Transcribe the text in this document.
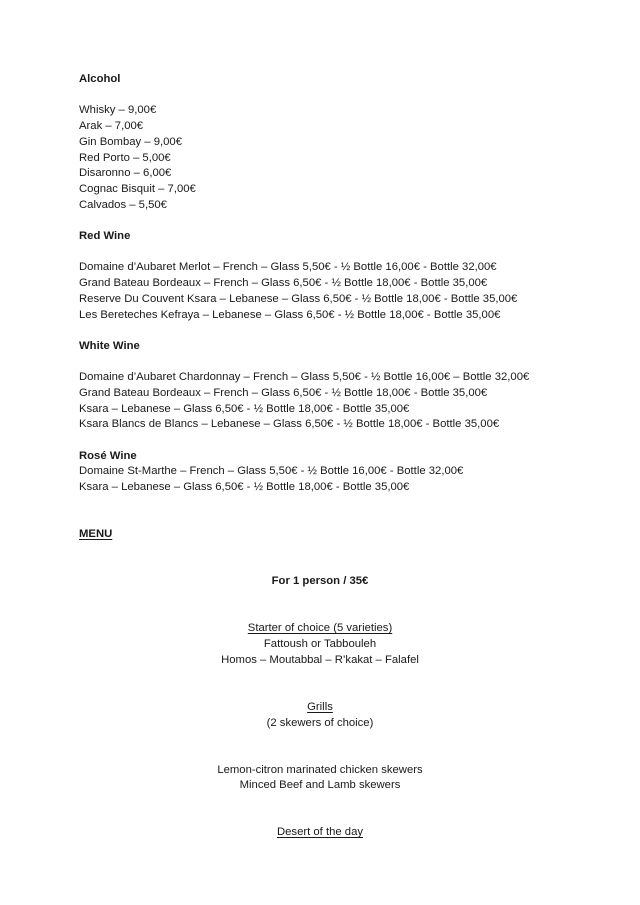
Alcohol

Whisky – 9,00€
Arak – 7,00€
Gin Bombay – 9,00€
Red Porto – 5,00€
Disaronno – 6,00€
Cognac Bisquit – 7,00€
Calvados – 5,50€

Red Wine

Domaine d’Aubaret Merlot – French – Glass 5,50€ - ½ Bottle 16,00€ - Bottle 32,00€
Grand Bateau Bordeaux – French – Glass 6,50€ - ½ Bottle 18,00€ - Bottle 35,00€
Reserve Du Couvent Ksara – Lebanese – Glass 6,50€ - ½ Bottle 18,00€ - Bottle 35,00€
Les Bereteches Kefraya – Lebanese – Glass 6,50€ - ½ Bottle 18,00€ - Bottle 35,00€

White Wine

Domaine d’Aubaret Chardonnay – French – Glass 5,50€ - ½ Bottle 16,00€ – Bottle 32,00€
Grand Bateau Bordeaux – French – Glass 6,50€ - ½ Bottle 18,00€ - Bottle 35,00€
Ksara – Lebanese – Glass 6,50€ - ½ Bottle 18,00€ - Bottle 35,00€
Ksara Blancs de Blancs – Lebanese – Glass 6,50€ - ½ Bottle 18,00€ - Bottle 35,00€

Rosé Wine
Domaine St-Marthe – French – Glass 5,50€ - ½ Bottle 16,00€ - Bottle 32,00€
Ksara – Lebanese – Glass 6,50€ - ½ Bottle 18,00€ - Bottle 35,00€

MENU

For 1 person / 35€

Starter of choice (5 varieties)
Fattoush or Tabbouleh
Homos – Moutabbal – R’kakat – Falafel

Grills
(2 skewers of choice)

Lemon-citron marinated chicken skewers
Minced Beef and Lamb skewers

Desert of the day
